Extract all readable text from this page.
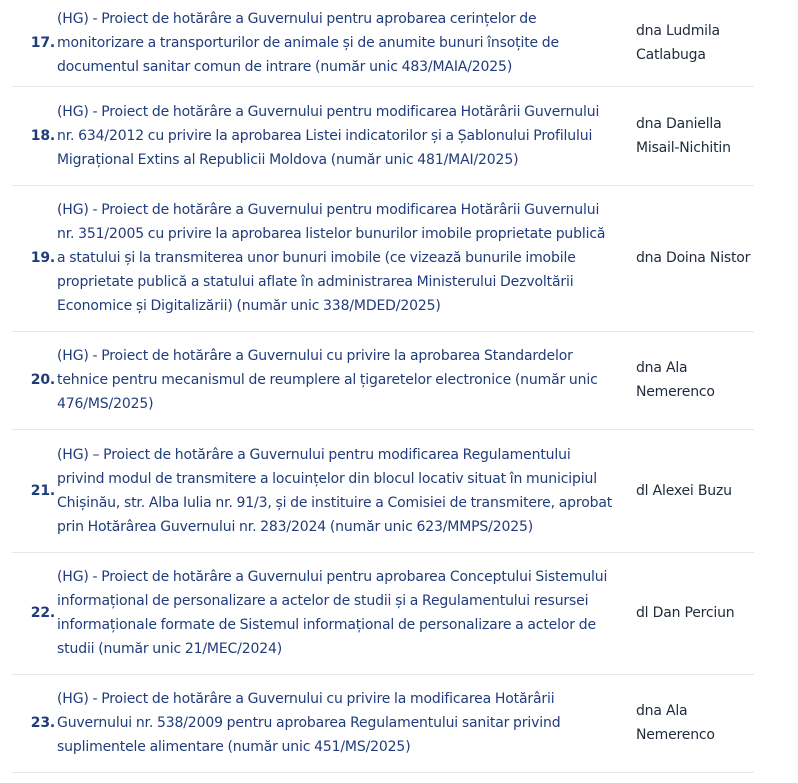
17.	(HG) - Proiect de hotărâre a Guvernului pentru aprobarea cerințelor de monitorizare a transporturilor de animale și de anumite bunuri însoțite de documentul sanitar comun de intrare (număr unic 483/MAIA/2025)	dna Ludmila Catlabuga
18.	(HG) - Proiect de hotărâre a Guvernului pentru modificarea Hotărârii Guvernului nr. 634/2012 cu privire la aprobarea Listei indicatorilor și a Șablonului Profilului Migrațional Extins al Republicii Moldova (număr unic 481/MAI/2025)	dna Daniella Misail-Nichitin
19.	(HG) - Proiect de hotărâre a Guvernului pentru modificarea Hotărârii Guvernului nr. 351/2005 cu privire la aprobarea listelor bunurilor imobile proprietate publică a statului și la transmiterea unor bunuri imobile (ce vizează bunurile imobile proprietate publică a statului aflate în administrarea Ministerului Dezvoltării Economice și Digitalizării) (număr unic 338/MDED/2025)	dna Doina Nistor
20.	(HG) - Proiect de hotărâre a Guvernului cu privire la aprobarea Standardelor tehnice pentru mecanismul de reumplere al țigaretelor electronice (număr unic 476/MS/2025)	dna Ala Nemerenco
21.	(HG) – Proiect de hotărâre a Guvernului pentru modificarea Regulamentului privind modul de transmitere a locuințelor din blocul locativ situat în municipiul Chișinău, str. Alba Iulia nr. 91/3, și de instituire a Comisiei de transmitere, aprobat prin Hotărârea Guvernului nr. 283/2024 (număr unic 623/MMPS/2025)	dl Alexei Buzu
22.	(HG) - Proiect de hotărâre a Guvernului pentru aprobarea Conceptului Sistemului informațional de personalizare a actelor de studii și a Regulamentului resursei informaționale formate de Sistemul informațional de personalizare a actelor de studii (număr unic 21/MEC/2024)	dl Dan Perciun
23.	(HG) - Proiect de hotărâre a Guvernului cu privire la modificarea Hotărârii Guvernului nr. 538/2009 pentru aprobarea Regulamentului sanitar privind suplimentele alimentare (număr unic 451/MS/2025)	dna Ala Nemerenco
